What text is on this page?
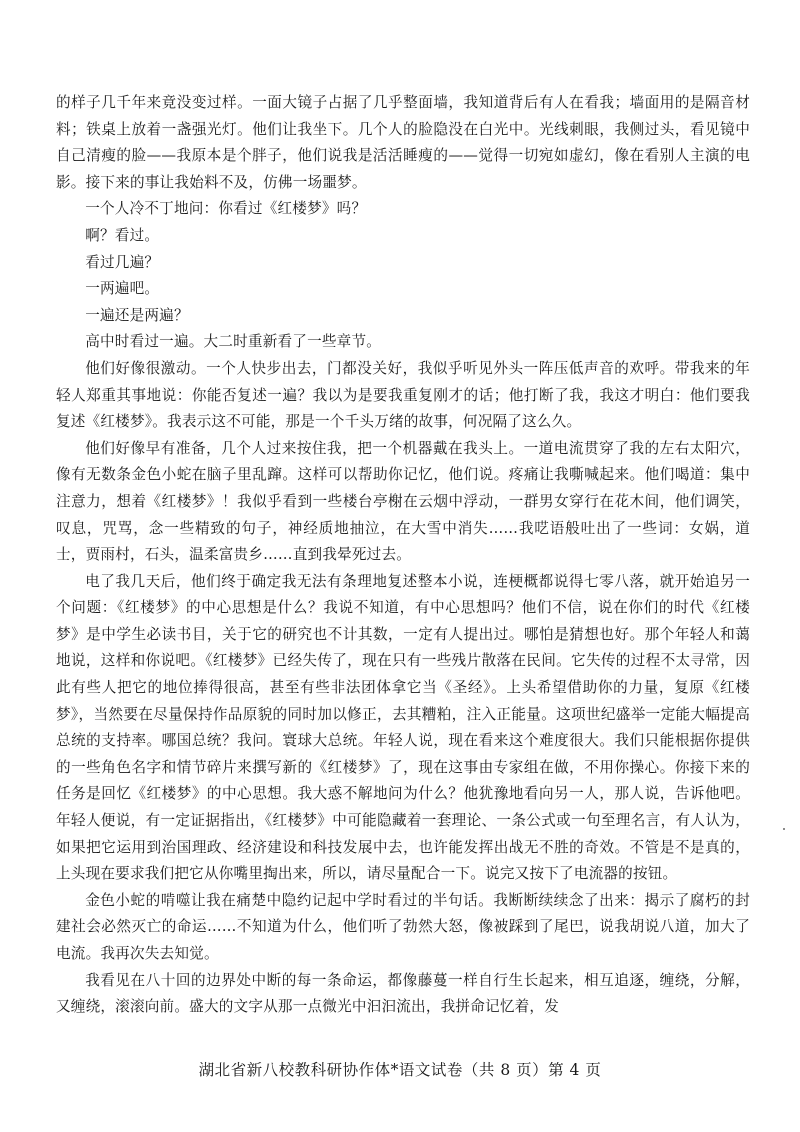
的样子几千年来竟没变过样。一面大镜子占据了几乎整面墙，我知道背后有人在看我；墙面用的是隔音材料；铁桌上放着一盏强光灯。他们让我坐下。几个人的脸隐没在白光中。光线刺眼，我侧过头，看见镜中自己清瘦的脸——我原本是个胖子，他们说我是活活睡瘦的——觉得一切宛如虚幻，像在看别人主演的电影。接下来的事让我始料不及，仿佛一场噩梦。

一个人冷不丁地问：你看过《红楼梦》吗？

啊？看过。

看过几遍？

一两遍吧。

一遍还是两遍？

高中时看过一遍。大二时重新看了一些章节。

他们好像很激动。一个人快步出去，门都没关好，我似乎听见外头一阵压低声音的欢呼。带我来的年轻人郑重其事地说：你能否复述一遍？我以为是要我重复刚才的话；他打断了我，我这才明白：他们要我复述《红楼梦》。我表示这不可能，那是一个千头万绪的故事，何况隔了这么久。

他们好像早有准备，几个人过来按住我，把一个机器戴在我头上。一道电流贯穿了我的左右太阳穴，像有无数条金色小蛇在脑子里乱蹿。这样可以帮助你记忆，他们说。疼痛让我嘶喊起来。他们喝道：集中注意力，想着《红楼梦》！我似乎看到一些楼台亭榭在云烟中浮动，一群男女穿行在花木间，他们调笑，叹息，咒骂，念一些精致的句子，神经质地抽泣，在大雪中消失……我呓语般吐出了一些词：女娲，道士，贾雨村，石头，温柔富贵乡……直到我晕死过去。

电了我几天后，他们终于确定我无法有条理地复述整本小说，连梗概都说得七零八落，就开始追另一个问题：《红楼梦》的中心思想是什么？我说不知道，有中心思想吗？他们不信，说在你们的时代《红楼梦》是中学生必读书目，关于它的研究也不计其数，一定有人提出过。哪怕是猜想也好。那个年轻人和蔼地说，这样和你说吧。《红楼梦》已经失传了，现在只有一些残片散落在民间。它失传的过程不太寻常，因此有些人把它的地位捧得很高，甚至有些非法团体拿它当《圣经》。上头希望借助你的力量，复原《红楼梦》，当然要在尽量保持作品原貌的同时加以修正，去其糟粕，注入正能量。这项世纪盛举一定能大幅提高总统的支持率。哪国总统？我问。寰球大总统。年轻人说，现在看来这个难度很大。我们只能根据你提供的一些角色名字和情节碎片来撰写新的《红楼梦》了，现在这事由专家组在做，不用你操心。你接下来的任务是回忆《红楼梦》的中心思想。我大惑不解地问为什么？他犹豫地看向另一人，那人说，告诉他吧。年轻人便说，有一定证据指出，《红楼梦》中可能隐藏着一套理论、一条公式或一句至理名言，有人认为，如果把它运用到治国理政、经济建设和科技发展中去，也许能发挥出战无不胜的奇效。不管是不是真的，上头现在要求我们把它从你嘴里掏出来，所以，请尽量配合一下。说完又按下了电流器的按钮。

金色小蛇的啃噬让我在痛楚中隐约记起中学时看过的半句话。我断断续续念了出来：揭示了腐朽的封建社会必然灭亡的命运……不知道为什么，他们听了勃然大怒，像被踩到了尾巴，说我胡说八道，加大了电流。我再次失去知觉。

我看见在八十回的边界处中断的每一条命运，都像藤蔓一样自行生长起来，相互追逐，缠绕，分解，又缠绕，滚滚向前。盛大的文字从那一点微光中汩汩流出，我拼命记忆着，发

湖北省新八校教科研协作体*语文试卷（共 8 页）第 4 页
